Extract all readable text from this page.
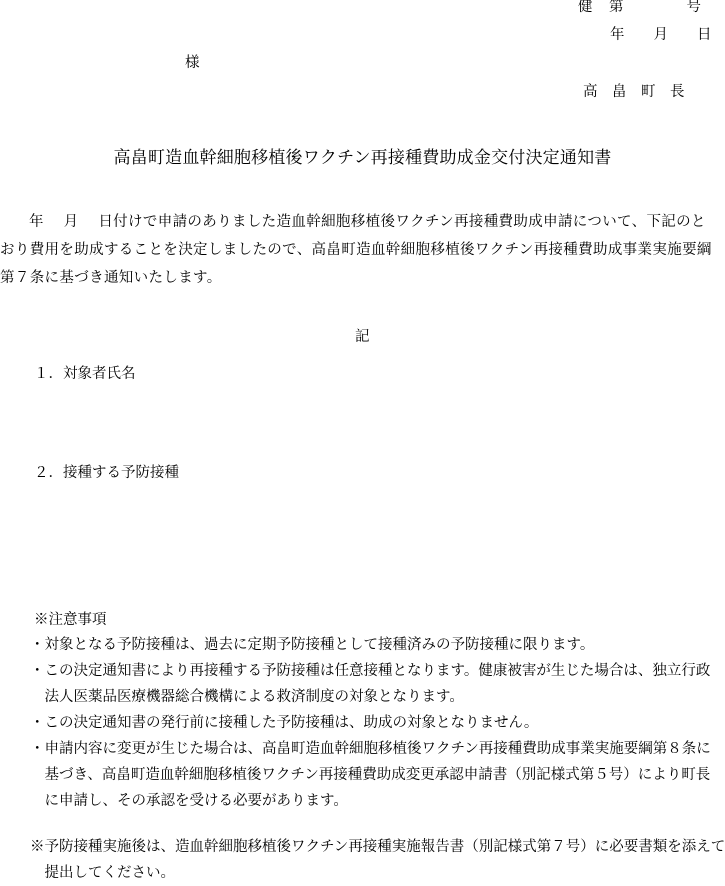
健　第　　　　号
年　　月　　日
様
高　畠　町　長
高畠町造血幹細胞移植後ワクチン再接種費助成金交付決定通知書

年　 月　 日付けで申請のありました造血幹細胞移植後ワクチン再接種費助成申請について、下記のとおり費用を助成することを決定しましたので、高畠町造血幹細胞移植後ワクチン再接種費助成事業実施要綱第７条に基づき通知いたします。

記
１．対象者氏名
２．接種する予防接種
※注意事項
・対象となる予防接種は、過去に定期予防接種として接種済みの予防接種に限ります。
・この決定通知書により再接種する予防接種は任意接種となります。健康被害が生じた場合は、独立行政法人医薬品医療機器総合機構による救済制度の対象となります。
・この決定通知書の発行前に接種した予防接種は、助成の対象となりません。
・申請内容に変更が生じた場合は、高畠町造血幹細胞移植後ワクチン再接種費助成事業実施要綱第８条に基づき、高畠町造血幹細胞移植後ワクチン再接種費助成変更承認申請書（別記様式第５号）により町長に申請し、その承認を受ける必要があります。

※予防接種実施後は、造血幹細胞移植後ワクチン再接種実施報告書（別記様式第７号）に必要書類を添えて提出してください。
